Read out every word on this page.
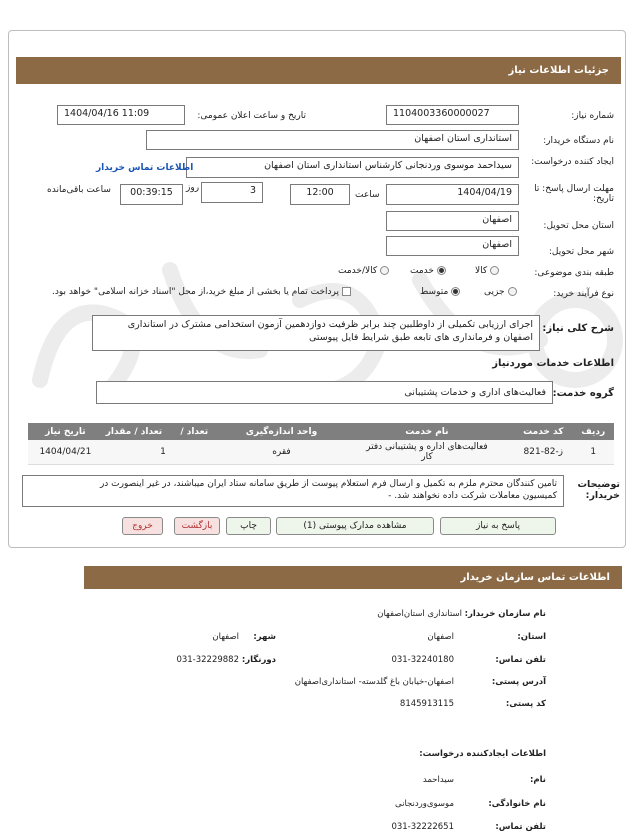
جزئیات اطلاعات نیاز
شماره نیاز:
1104003360000027
تاریخ و ساعت اعلان عمومی:
1404/04/16 11:09
نام دستگاه خریدار:
استانداری استان اصفهان
ایجاد کننده درخواست:
سیداحمد موسوی وردنجانی کارشناس استانداری استان اصفهان
اطلاعات تماس خریدار
مهلت ارسال پاسخ: تا تاریخ:
1404/04/19
ساعت
12:00
3
روز
00:39:15
ساعت باقی‌مانده
استان محل تحویل:
اصفهان
شهر محل تحویل:
اصفهان
طبقه بندی موضوعی:
کالا
خدمت
کالا/خدمت
نوع فرآیند خرید:
جزیی
متوسط
پرداخت تمام یا بخشی از مبلغ خرید،از محل "اسناد خزانه اسلامی" خواهد بود.
شرح کلی نیاز:
اجرای ارزیابی تکمیلی از داوطلبین چند برابر ظرفیت دوازدهمین آزمون استخدامی مشترک در استانداری
اصفهان و فرمانداری های تابعه طبق شرایط فایل پیوستی
اطلاعات خدمات موردنیاز
گروه خدمت:
فعالیت‌های اداری و خدمات پشتیبانی
تاریخ نیاز	تعداد / مقدار	تعداد /	واحد اندازه‌گیری	نام خدمت	کد خدمت	ردیف
1404/04/21	1		فقره	فعالیت‌های اداره و پشتیبانی دفتر
کار	ز-82-821	1
توضیحات خریدار:
تامین کنندگان محترم ملزم به تکمیل و ارسال فرم استعلام پیوست از طریق سامانه ستاد ایران میباشند، در غیر اینصورت در
کمیسیون معاملات شرکت داده نخواهند شد. -
پاسخ به نیاز
مشاهده مدارک پیوستی (1)
چاپ
بازگشت
خروج
اطلاعات تماس سازمان خریدار
نام سازمان خریدار:
استانداری استان‌اصفهان
استان:
اصفهان
شهر:
اصفهان
تلفن تماس:
031-32240180
دورنگار:
031-32229882
آدرس پستی:
اصفهان-خیابان باغ گلدسته- استانداری‌اصفهان
کد پستی:
8145913115
اطلاعات ایجادکننده درخواست:
نام:
سیداحمد
نام خانوادگی:
موسوی‌وردنجانی
تلفن تماس:
031-32222651
